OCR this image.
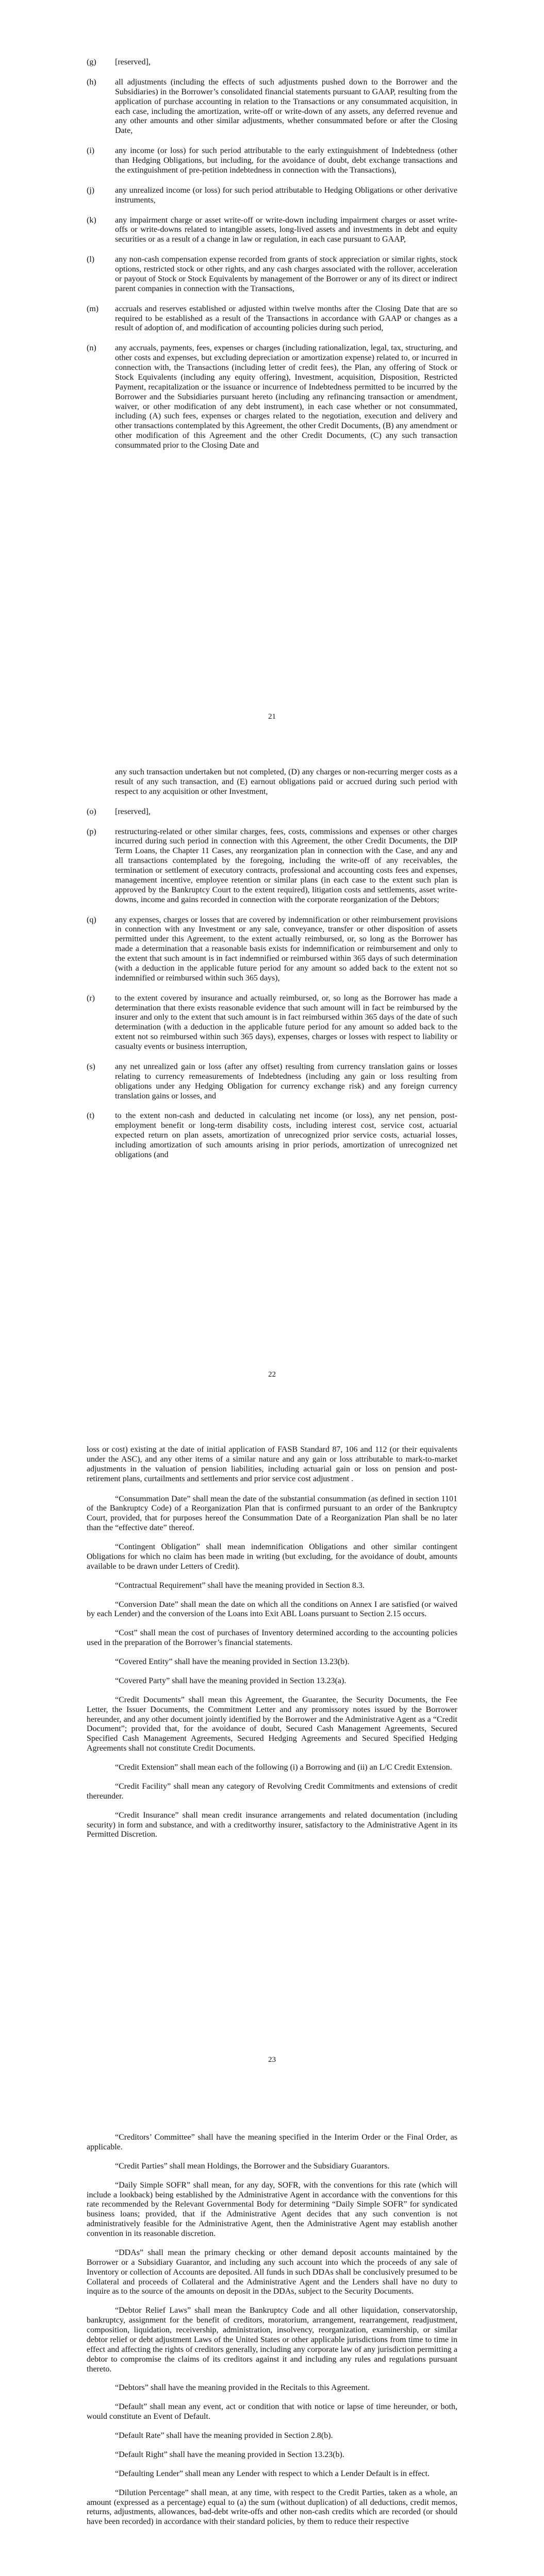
(g)	[reserved],
(h)	all adjustments (including the effects of such adjustments pushed down to the Borrower and the Subsidiaries) in the Borrower’s consolidated financial statements pursuant to GAAP, resulting from the application of purchase accounting in relation to the Transactions or any consummated acquisition, in each case, including the amortization, write-off or write-down of any assets, any deferred revenue and any other amounts and other similar adjustments, whether consummated before or after the Closing Date,
(i)	any income (or loss) for such period attributable to the early extinguishment of Indebtedness (other than Hedging Obligations, but including, for the avoidance of doubt, debt exchange transactions and the extinguishment of pre-petition indebtedness in connection with the Transactions),
(j)	any unrealized income (or loss) for such period attributable to Hedging Obligations or other derivative instruments,
(k)	any impairment charge or asset write-off or write-down including impairment charges or asset write-offs or write-downs related to intangible assets, long-lived assets and investments in debt and equity securities or as a result of a change in law or regulation, in each case pursuant to GAAP,
(l)	any non-cash compensation expense recorded from grants of stock appreciation or similar rights, stock options, restricted stock or other rights, and any cash charges associated with the rollover, acceleration or payout of Stock or Stock Equivalents by management of the Borrower or any of its direct or indirect parent companies in connection with the Transactions,
(m)	accruals and reserves established or adjusted within twelve months after the Closing Date that are so required to be established as a result of the Transactions in accordance with GAAP or changes as a result of adoption of, and modification of accounting policies during such period,
(n)	any accruals, payments, fees, expenses or charges (including rationalization, legal, tax, structuring, and other costs and expenses, but excluding depreciation or amortization expense) related to, or incurred in connection with, the Transactions (including letter of credit fees), the Plan, any offering of Stock or Stock Equivalents (including any equity offering), Investment, acquisition, Disposition, Restricted Payment, recapitalization or the issuance or incurrence of Indebtedness permitted to be incurred by the Borrower and the Subsidiaries pursuant hereto (including any refinancing transaction or amendment, waiver, or other modification of any debt instrument), in each case whether or not consummated, including (A) such fees, expenses or charges related to the negotiation, execution and delivery and other transactions contemplated by this Agreement, the other Credit Documents, (B) any amendment or other modification of this Agreement and the other Credit Documents, (C) any such transaction consummated prior to the Closing Date and
21
any such transaction undertaken but not completed, (D) any charges or non-recurring merger costs as a result of any such transaction, and (E) earnout obligations paid or accrued during such period with respect to any acquisition or other Investment,
(o)	[reserved],
(p)	restructuring-related or other similar charges, fees, costs, commissions and expenses or other charges incurred during such period in connection with this Agreement, the other Credit Documents, the DIP Term Loans, the Chapter 11 Cases, any reorganization plan in connection with the Case, and any and all transactions contemplated by the foregoing, including the write-off of any receivables, the termination or settlement of executory contracts, professional and accounting costs fees and expenses, management incentive, employee retention or similar plans (in each case to the extent such plan is approved by the Bankruptcy Court to the extent required), litigation costs and settlements, asset write-downs, income and gains recorded in connection with the corporate reorganization of the Debtors;
(q)	any expenses, charges or losses that are covered by indemnification or other reimbursement provisions in connection with any Investment or any sale, conveyance, transfer or other disposition of assets permitted under this Agreement, to the extent actually reimbursed, or, so long as the Borrower has made a determination that a reasonable basis exists for indemnification or reimbursement and only to the extent that such amount is in fact indemnified or reimbursed within 365 days of such determination (with a deduction in the applicable future period for any amount so added back to the extent not so indemnified or reimbursed within such 365 days),
(r)	to the extent covered by insurance and actually reimbursed, or, so long as the Borrower has made a determination that there exists reasonable evidence that such amount will in fact be reimbursed by the insurer and only to the extent that such amount is in fact reimbursed within 365 days of the date of such determination (with a deduction in the applicable future period for any amount so added back to the extent not so reimbursed within such 365 days), expenses, charges or losses with respect to liability or casualty events or business interruption,
(s)	any net unrealized gain or loss (after any offset) resulting from currency translation gains or losses relating to currency remeasurements of Indebtedness (including any gain or loss resulting from obligations under any Hedging Obligation for currency exchange risk) and any foreign currency translation gains or losses, and
(t)	to the extent non-cash and deducted in calculating net income (or loss), any net pension, post-employment benefit or long-term disability costs, including interest cost, service cost, actuarial expected return on plan assets, amortization of unrecognized prior service costs, actuarial losses, including amortization of such amounts arising in prior periods, amortization of unrecognized net obligations (and
22
loss or cost) existing at the date of initial application of FASB Standard 87, 106 and 112 (or their equivalents under the ASC), and any other items of a similar nature and any gain or loss attributable to mark-to-market adjustments in the valuation of pension liabilities, including actuarial gain or loss on pension and post-retirement plans, curtailments and settlements and prior service cost adjustment .

“Consummation Date” shall mean the date of the substantial consummation (as defined in section 1101 of the Bankruptcy Code) of a Reorganization Plan that is confirmed pursuant to an order of the Bankruptcy Court, provided, that for purposes hereof the Consummation Date of a Reorganization Plan shall be no later than the “effective date” thereof.

“Contingent Obligation” shall mean indemnification Obligations and other similar contingent Obligations for which no claim has been made in writing (but excluding, for the avoidance of doubt, amounts available to be drawn under Letters of Credit).

“Contractual Requirement” shall have the meaning provided in Section 8.3.

“Conversion Date” shall mean the date on which all the conditions on Annex I are satisfied (or waived by each Lender) and the conversion of the Loans into Exit ABL Loans pursuant to Section 2.15 occurs.

“Cost” shall mean the cost of purchases of Inventory determined according to the accounting policies used in the preparation of the Borrower’s financial statements.

“Covered Entity” shall have the meaning provided in Section 13.23(b).

“Covered Party” shall have the meaning provided in Section 13.23(a).

“Credit Documents” shall mean this Agreement, the Guarantee, the Security Documents, the Fee Letter, the Issuer Documents, the Commitment Letter and any promissory notes issued by the Borrower hereunder, and any other document jointly identified by the Borrower and the Administrative Agent as a “Credit Document”; provided that, for the avoidance of doubt, Secured Cash Management Agreements, Secured Specified Cash Management Agreements, Secured Hedging Agreements and Secured Specified Hedging Agreements shall not constitute Credit Documents.

“Credit Extension” shall mean each of the following (i) a Borrowing and (ii) an L/C Credit Extension.

“Credit Facility” shall mean any category of Revolving Credit Commitments and extensions of credit thereunder.

“Credit Insurance” shall mean credit insurance arrangements and related documentation (including security) in form and substance, and with a creditworthy insurer, satisfactory to the Administrative Agent in its Permitted Discretion.

23

“Creditors’ Committee” shall have the meaning specified in the Interim Order or the Final Order, as applicable.

“Credit Parties” shall mean Holdings, the Borrower and the Subsidiary Guarantors.

“Daily Simple SOFR” shall mean, for any day, SOFR, with the conventions for this rate (which will include a lookback) being established by the Administrative Agent in accordance with the conventions for this rate recommended by the Relevant Governmental Body for determining “Daily Simple SOFR” for syndicated business loans; provided, that if the Administrative Agent decides that any such convention is not administratively feasible for the Administrative Agent, then the Administrative Agent may establish another convention in its reasonable discretion.

“DDAs” shall mean the primary checking or other demand deposit accounts maintained by the Borrower or a Subsidiary Guarantor, and including any such account into which the proceeds of any sale of Inventory or collection of Accounts are deposited. All funds in such DDAs shall be conclusively presumed to be Collateral and proceeds of Collateral and the Administrative Agent and the Lenders shall have no duty to inquire as to the source of the amounts on deposit in the DDAs, subject to the Security Documents.

“Debtor Relief Laws” shall mean the Bankruptcy Code and all other liquidation, conservatorship, bankruptcy, assignment for the benefit of creditors, moratorium, arrangement, rearrangement, readjustment, composition, liquidation, receivership, administration, insolvency, reorganization, examinership, or similar debtor relief or debt adjustment Laws of the United States or other applicable jurisdictions from time to time in effect and affecting the rights of creditors generally, including any corporate law of any jurisdiction permitting a debtor to compromise the claims of its creditors against it and including any rules and regulations pursuant thereto.

“Debtors” shall have the meaning provided in the Recitals to this Agreement.

“Default” shall mean any event, act or condition that with notice or lapse of time hereunder, or both, would constitute an Event of Default.

“Default Rate” shall have the meaning provided in Section 2.8(b).

“Default Right” shall have the meaning provided in Section 13.23(b).

“Defaulting Lender” shall mean any Lender with respect to which a Lender Default is in effect.

“Dilution Percentage” shall mean, at any time, with respect to the Credit Parties, taken as a whole, an amount (expressed as a percentage) equal to (a) the sum (without duplication) of all deductions, credit memos, returns, adjustments, allowances, bad-debt write-offs and other non-cash credits which are recorded (or should have been recorded) in accordance with their standard policies, by them to reduce their respective
